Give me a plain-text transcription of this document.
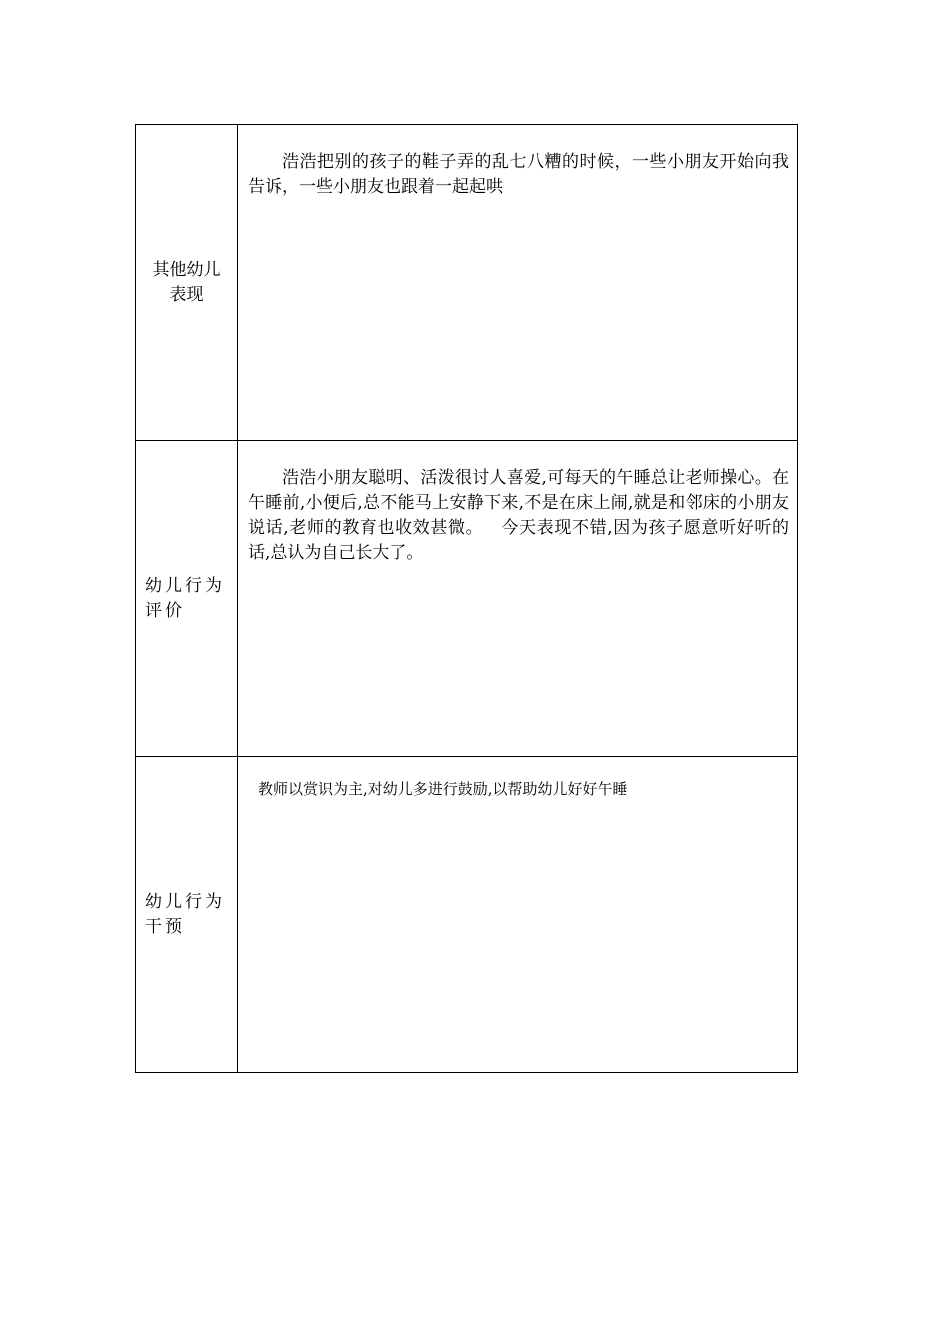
其他幼儿
表现	浩浩把别的孩子的鞋子弄的乱七八糟的时候，一些小朋友开始向我告诉，一些小朋友也跟着一起起哄

幼儿行为
评价	浩浩小朋友聪明、活泼很讨人喜爱,可每天的午睡总让老师操心。在午睡前,小便后,总不能马上安静下来,不是在床上闹,就是和邻床的小朋友说话,老师的教育也收效甚微。   今天表现不错,因为孩子愿意听好听的话,总认为自己长大了。

幼儿行为
干预	教师以赏识为主,对幼儿多进行鼓励,以帮助幼儿好好午睡
